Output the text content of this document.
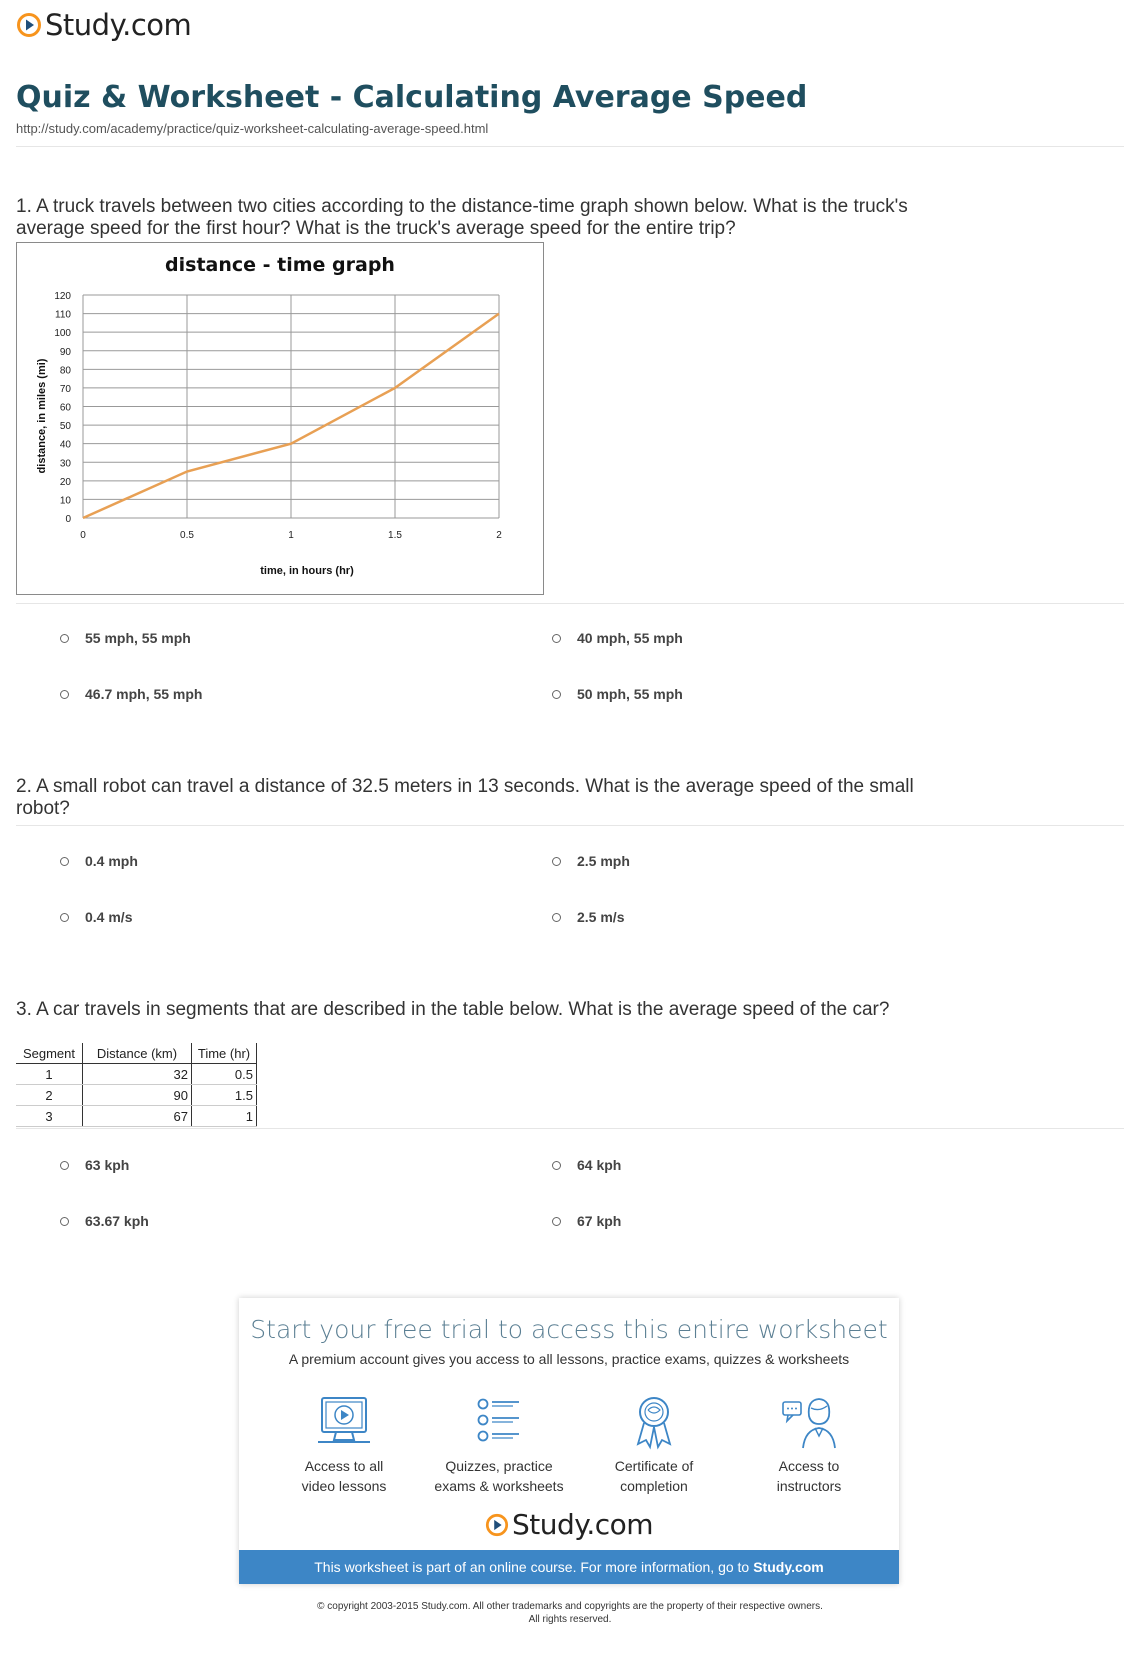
Study.com
Quiz & Worksheet - Calculating Average Speed
http://study.com/academy/practice/quiz-worksheet-calculating-average-speed.html

1. A truck travels between two cities according to the distance-time graph shown below. What is the truck's average speed for the first hour? What is the truck's average speed for the entire trip?

distance - time graph
0
10
20
30
40
50
60
70
80
90
100
110
120
0	0.5	1	1.5	2
time, in hours (hr)
distance, in miles (mi)
55 mph, 55 mph	40 mph, 55 mph
46.7 mph, 55 mph	50 mph, 55 mph

2. A small robot can travel a distance of 32.5 meters in 13 seconds. What is the average speed of the small robot?

0.4 mph	2.5 mph
0.4 m/s	2.5 m/s

3. A car travels in segments that are described in the table below. What is the average speed of the car?

Segment	Distance (km)	Time (hr)
1	32	0.5
2	90	1.5
3	67	1
63 kph	64 kph
63.67 kph	67 kph
Start your free trial to access this entire worksheet
A premium account gives you access to all lessons, practice exams, quizzes & worksheets
Access to all
video lessons
Quizzes, practice
exams & worksheets
Certificate of
completion
Access to
instructors
Study.com
This worksheet is part of an online course. For more information, go to Study.com
© copyright 2003-2015 Study.com. All other trademarks and copyrights are the property of their respective owners.
All rights reserved.
